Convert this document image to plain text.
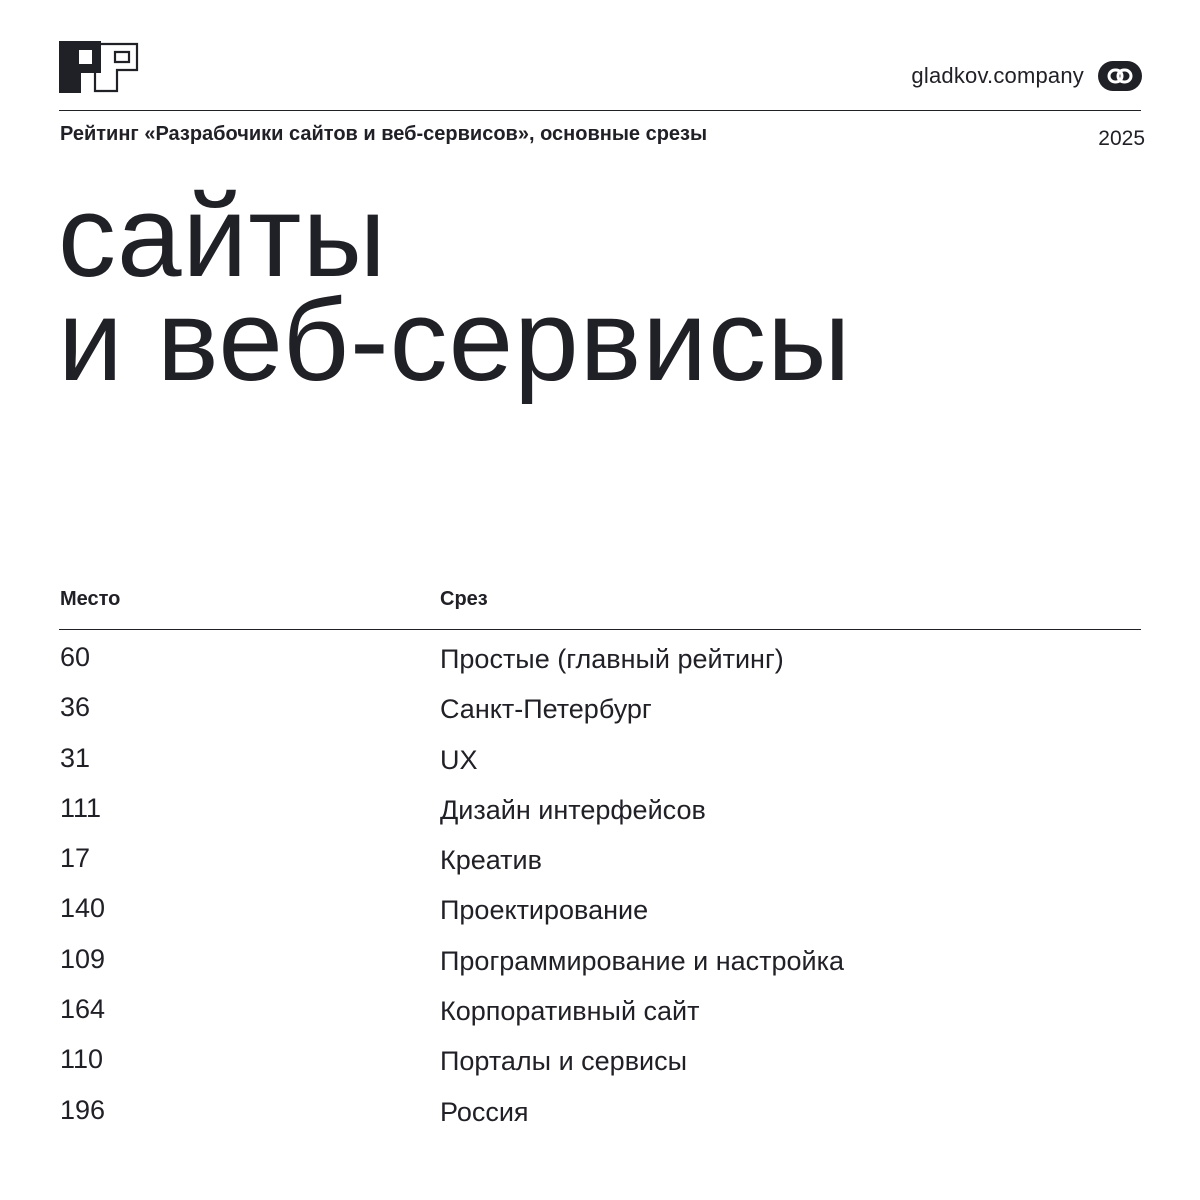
gladkov.company
Рейтинг «Разрабочики сайтов и веб-сервисов», основные срезы	2025
сайты
и веб-сервисы
Место	Срез
60	Простые (главный рейтинг)
36	Санкт-Петербург
31	UX
111	Дизайн интерфейсов
17	Креатив
140	Проектирование
109	Программирование и настройка
164	Корпоративный сайт
110	Порталы и сервисы
196	Россия
